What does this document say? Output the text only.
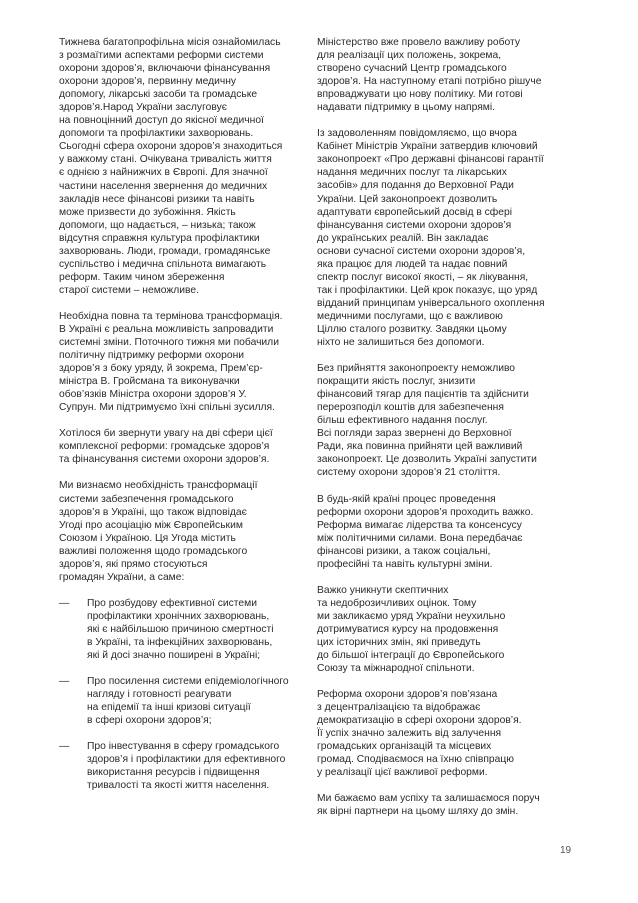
Тижнева багатопрофільна місія ознайомилась
з розмаїтими аспектами реформи системи
охорони здоров’я, включаючи фінансування
охорони здоров’я, первинну медичну
допомогу, лікарські засоби та громадське
здоров’я.Народ України заслуговує
на повноцінний доступ до якісної медичної
допомоги та профілактики захворювань.
Сьогодні сфера охорони здоров’я знаходиться
у важкому стані. Очікувана тривалість життя
є однією з найнижчих в Європі. Для значної
частини населення звернення до медичних
закладів несе фінансові ризики та навіть
може призвести до зубожіння. Якість
допомоги, що надається, – низька; також
відсутня справжня культура профілактики
захворювань. Люди, громади, громадянське
суспільство і медична спільнота вимагають
реформ. Таким чином збереження
старої системи – неможливе.
Необхідна повна та термінова трансформація.
В Україні є реальна можливість запровадити
системні зміни. Поточного тижня ми побачили
політичну підтримку реформи охорони
здоров’я з боку уряду, й зокрема, Прем’єр-
міністра В. Гройсмана та виконувачки
обов’язків Міністра охорони здоров’я У.
Супрун. Ми підтримуємо їхні спільні зусилля.
Хотілося би звернути увагу на дві сфери цієї
комплексної реформи: громадське здоров’я
та фінансування системи охорони здоров’я.
Ми визнаємо необхідність трансформації
системи забезпечення громадського
здоров’я в Україні, що також відповідає
Угоді про асоціацію між Європейським
Союзом і Україною. Ця Угода містить
важливі положення щодо громадського
здоров’я, які прямо стосуються
громадян України, а саме:
— Про розбудову ефективної системи
профілактики хронічних захворювань,
які є найбільшою причиною смертності
в Україні, та інфекційних захворювань,
які й досі значно поширені в Україні;
— Про посилення системи епідеміологічного
нагляду і готовності реагувати
на епідемії та інші кризові ситуації
в сфері охорони здоров’я;
— Про інвестування в сферу громадського
здоров’я і профілактики для ефективного
використання ресурсів і підвищення
тривалості та якості життя населення.
Міністерство вже провело важливу роботу
для реалізації цих положень, зокрема,
створено сучасний Центр громадського
здоров’я. На наступному етапі потрібно рішуче
впроваджувати цю нову політику. Ми готові
надавати підтримку в цьому напрямі.
Із задоволенням повідомляємо, що вчора
Кабінет Міністрів України затвердив ключовий
законопроект «Про державні фінансові гарантії
надання медичних послуг та лікарських
засобів» для подання до Верховної Ради
України. Цей законопроект дозволить
адаптувати європейський досвід в сфері
фінансування системи охорони здоров’я
до українських реалій. Він закладає
основи сучасної системи охорони здоров’я,
яка працює для людей та надає повний
спектр послуг високої якості, – як лікування,
так і профілактики. Цей крок показує, що уряд
відданий принципам універсального охоплення
медичними послугами, що є важливою
Ціллю сталого розвитку. Завдяки цьому
ніхто не залишиться без допомоги.
Без прийняття законопроекту неможливо
покращити якість послуг, знизити
фінансовий тягар для пацієнтів та здійснити
перерозподіл коштів для забезпечення
більш ефективного надання послуг.
Всі погляди зараз звернені до Верховної
Ради, яка повинна прийняти цей важливий
законопроект. Це дозволить Україні запустити
систему охорони здоров’я 21 століття.
В будь-якій країні процес проведення
реформи охорони здоров’я проходить важко.
Реформа вимагає лідерства та консенсусу
між політичними силами. Вона передбачає
фінансові ризики, а також соціальні,
професійні та навіть культурні зміни.
Важко уникнути скептичних
та недоброзичливих оцінок. Тому
ми закликаємо уряд України неухильно
дотримуватися курсу на продовження
цих історичних змін, які приведуть
до більшої інтеграції до Європейського
Союзу та міжнародної спільноти.
Реформа охорони здоров’я пов’язана
з децентралізацією та відображає
демократизацію в сфері охорони здоров’я.
Її успіх значно залежить від залучення
громадських організацій та місцевих
громад. Сподіваємося на їхню співпрацю
у реалізації цієї важливої реформи.
Ми бажаємо вам успіху та залишаємося поруч
як вірні партнери на цьому шляху до змін.
19
